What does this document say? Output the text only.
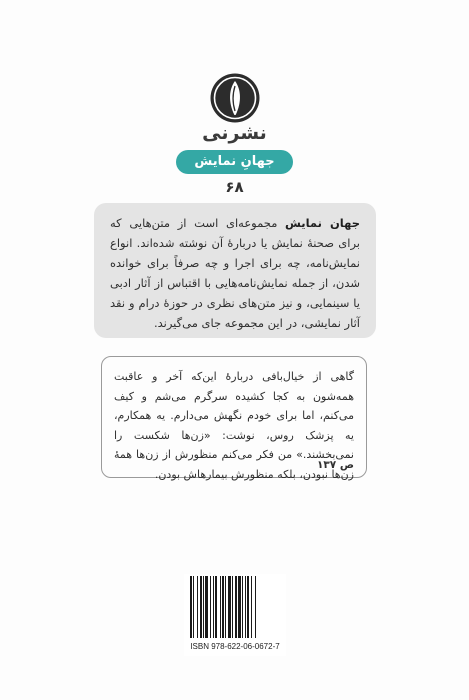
نشرنی
جهانِ نمایش
۶۸
جهان نمایش مجموعه‌ای است از متن‌هایی که برای صحنهٔ نمایش یا دربارهٔ آن نوشته شده‌اند. انواع نمایش‌نامه، چه برای اجرا و چه صرفاً برای خوانده شدن، از جمله نمایش‌نامه‌هایی با اقتباس از آثار ادبی یا سینمایی، و نیز متن‌های نظری در حوزهٔ درام و نقد آثار نمایشی، در این مجموعه جای می‌گیرند.
گاهی از خیال‌بافی دربارهٔ این‌که آخر و عاقبت همه‌شون به کجا کشیده سرگرم می‌شم و کیف می‌کنم، اما برای خودم نگهش می‌دارم. یه همکارم، یه پزشک روس، نوشت: «زن‌ها شکست را نمی‌بخشند.» من فکر می‌کنم منظورش از زن‌ها همهٔ زن‌ها نبودن، بلکه منظورش بیمارهاش بودن.
ص ۱۳۷
ISBN 978-622-06-0672-7
